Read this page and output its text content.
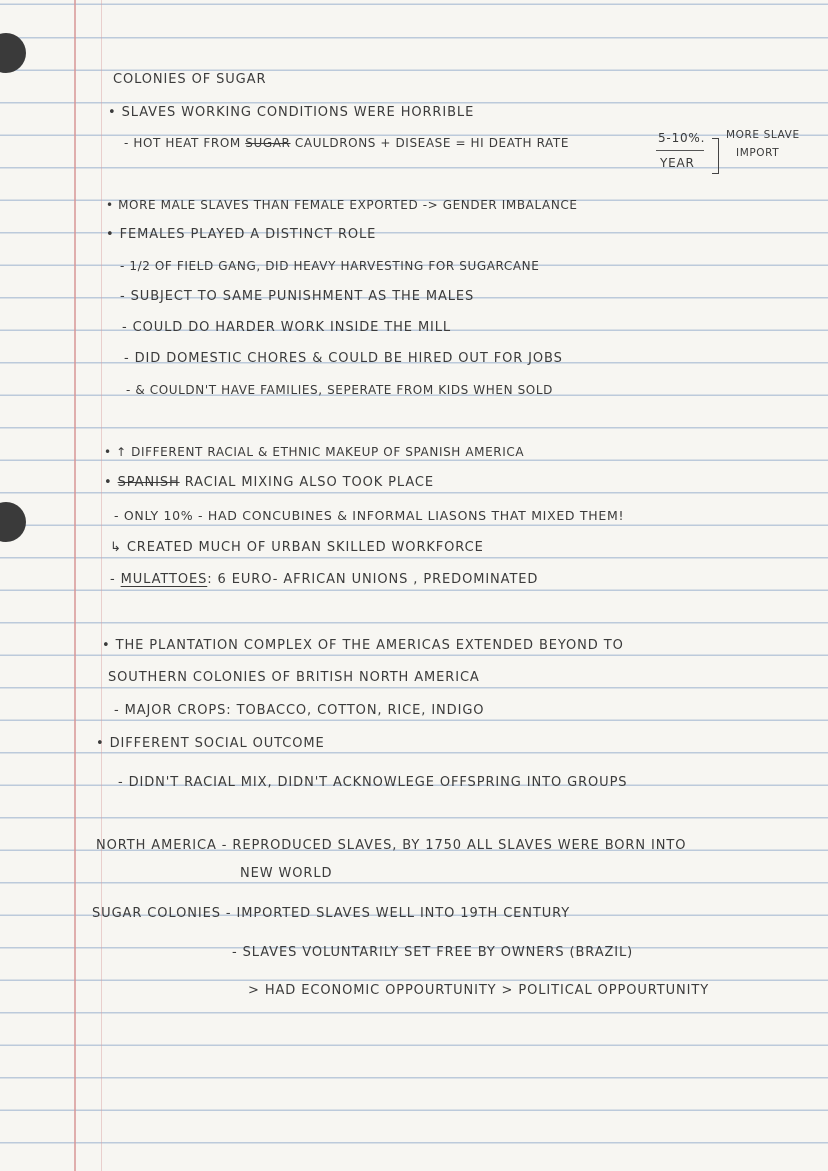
COLONIES OF SUGAR
• SLAVES WORKING CONDITIONS WERE HORRIBLE
- HOT HEAT FROM SUGAR CAULDRONS + DISEASE = HI DEATH RATE	5-10%.
YEAR
MORE SLAVE
IMPORT
• MORE MALE SLAVES THAN FEMALE EXPORTED -> GENDER IMBALANCE
• FEMALES PLAYED A DISTINCT ROLE
- 1/2 OF FIELD GANG, DID HEAVY HARVESTING FOR SUGARCANE
- SUBJECT TO SAME PUNISHMENT AS THE MALES
- COULD DO HARDER WORK INSIDE THE MILL
- DID DOMESTIC CHORES & COULD BE HIRED OUT FOR JOBS
- & COULDN'T HAVE FAMILIES, SEPERATE FROM KIDS WHEN SOLD
• ↑ DIFFERENT RACIAL & ETHNIC MAKEUP OF SPANISH AMERICA
• SPANISH RACIAL MIXING ALSO TOOK PLACE
- ONLY 10% - HAD CONCUBINES & INFORMAL LIASONS THAT MIXED THEM!
↳ CREATED MUCH OF URBAN SKILLED WORKFORCE
- MULATTOES: 6 EURO- AFRICAN UNIONS , PREDOMINATED
• THE PLANTATION COMPLEX OF THE AMERICAS EXTENDED BEYOND TO
SOUTHERN COLONIES OF BRITISH NORTH AMERICA
- MAJOR CROPS: TOBACCO, COTTON, RICE, INDIGO
• DIFFERENT SOCIAL OUTCOME
- DIDN'T RACIAL MIX, DIDN'T ACKNOWLEGE OFFSPRING INTO GROUPS
NORTH AMERICA - REPRODUCED SLAVES, BY 1750 ALL SLAVES WERE BORN INTO
NEW WORLD
SUGAR COLONIES - IMPORTED SLAVES WELL INTO 19TH CENTURY
- SLAVES VOLUNTARILY SET FREE BY OWNERS (BRAZIL)
> HAD ECONOMIC OPPOURTUNITY > POLITICAL OPPOURTUNITY
